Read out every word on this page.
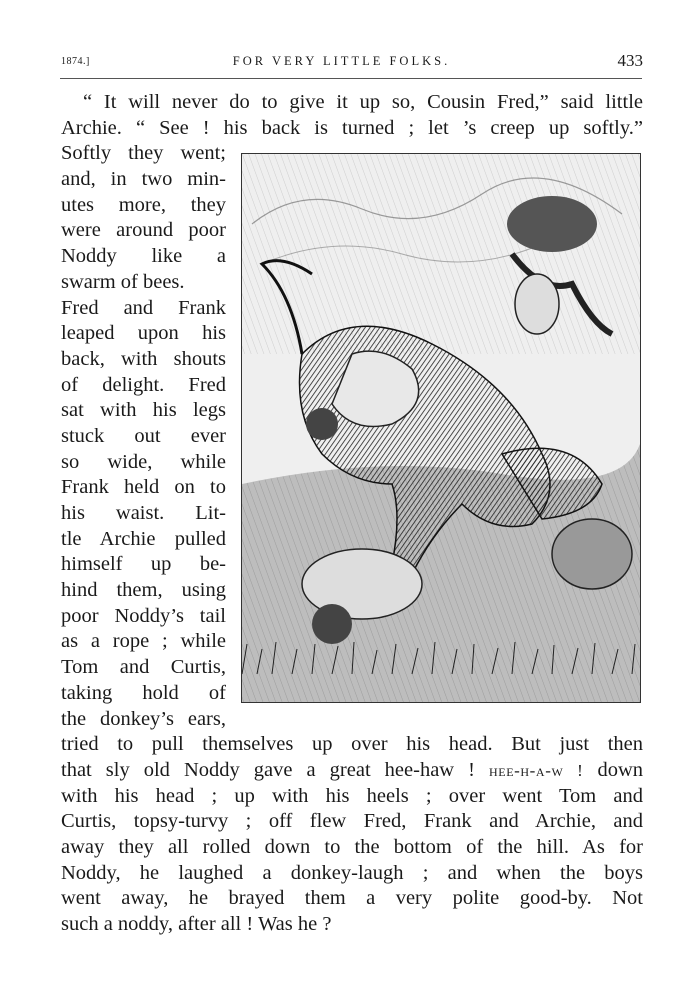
1874.]	FOR VERY LITTLE FOLKS.	433
“ It will never do to give it up so, Cousin Fred,” said little
Archie. “ See ! his back is turned ; let ’s creep up softly.”
Softly they went;
and, in two min-
utes more, they
were around poor
Noddy like a
swarm of bees.
Fred and Frank
leaped upon his
back, with shouts
of delight. Fred
sat with his legs
stuck out ever
so wide, while
Frank held on to
his waist. Lit-
tle Archie pulled
himself up be-
hind them, using
poor Noddy’s tail
as a rope ; while
Tom and Curtis,
taking hold of
the donkey’s ears,
tried to pull themselves up over his head. But just then
that sly old Noddy gave a great hee-haw ! hee-h-a-w ! down
with his head ; up with his heels ; over went Tom and
Curtis, topsy-turvy ; off flew Fred, Frank and Archie, and
away they all rolled down to the bottom of the hill. As for
Noddy, he laughed a donkey-laugh ; and when the boys
went away, he brayed them a very polite good-by. Not
such a noddy, after all ! Was he ?
